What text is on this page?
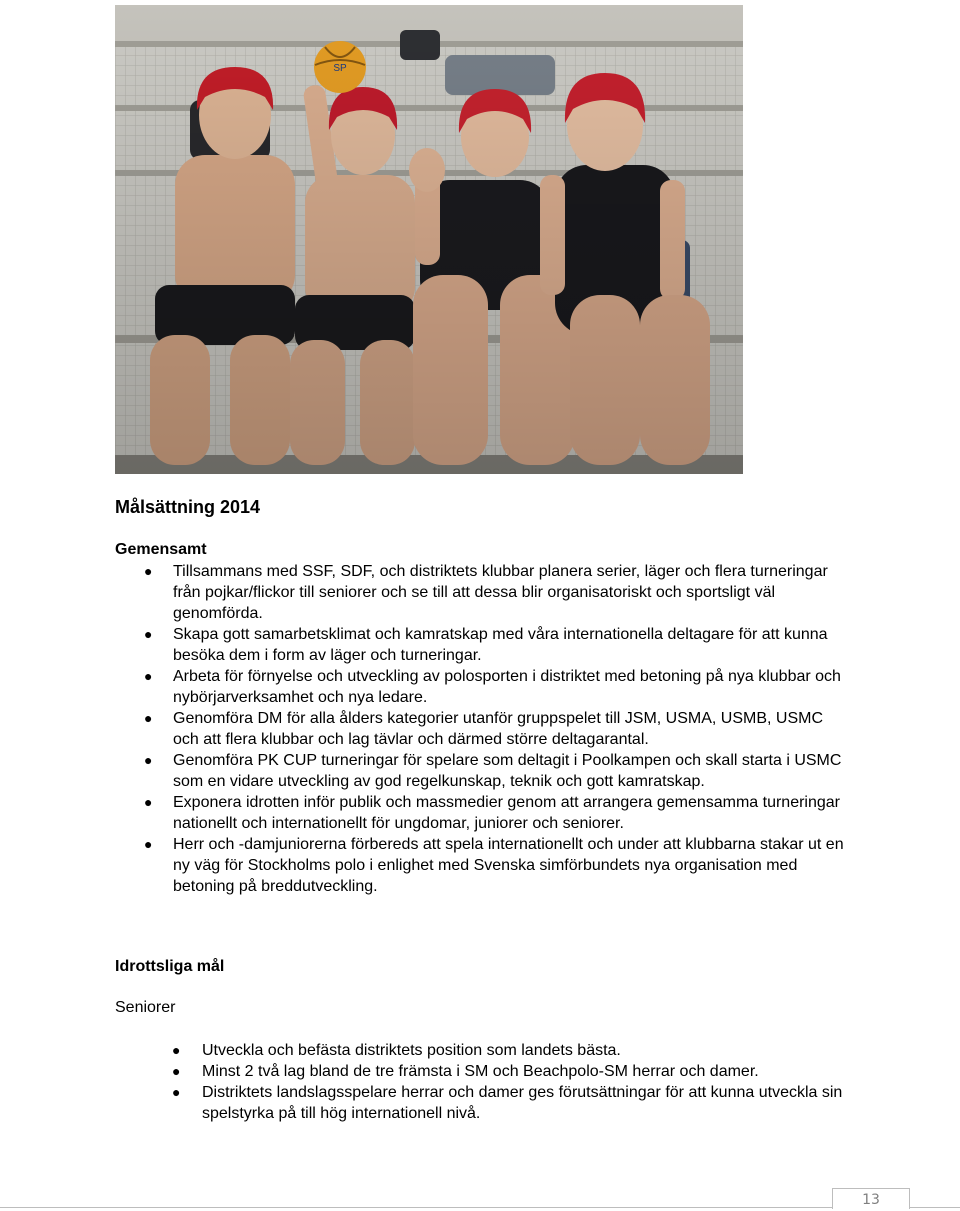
Målsättning 2014
Gemensamt
● Tillsammans med SSF, SDF, och distriktets klubbar planera serier, läger och flera turneringar från pojkar/flickor till seniorer och se till att dessa blir organisatoriskt och sportsligt väl genomförda.
● Skapa gott samarbetsklimat och kamratskap med våra internationella deltagare för att kunna besöka dem i form av läger och turneringar.
● Arbeta för förnyelse och utveckling av polosporten i distriktet med betoning på nya klubbar och nybörjarverksamhet och nya ledare.
● Genomföra DM för alla ålders kategorier utanför gruppspelet till JSM, USMA, USMB, USMC och att flera klubbar och lag tävlar och därmed större deltagarantal.
● Genomföra PK CUP turneringar för spelare som deltagit i Poolkampen och skall starta i USMC som en vidare utveckling av god regelkunskap, teknik och gott kamratskap.
● Exponera idrotten inför publik och massmedier genom att arrangera gemensamma turneringar nationellt och internationellt för ungdomar, juniorer och seniorer.
● Herr och -damjuniorerna förbereds att spela internationellt och under att klubbarna stakar ut en ny väg för Stockholms polo i enlighet med Svenska simförbundets nya organisation med betoning på breddutveckling.
Idrottsliga mål
Seniorer
● Utveckla och befästa distriktets position som landets bästa.
● Minst 2 två lag bland de tre främsta i SM och Beachpolo-SM herrar och damer.
● Distriktets landslagsspelare herrar och damer ges förutsättningar för att kunna utveckla sin spelstyrka på till hög internationell nivå.
13
